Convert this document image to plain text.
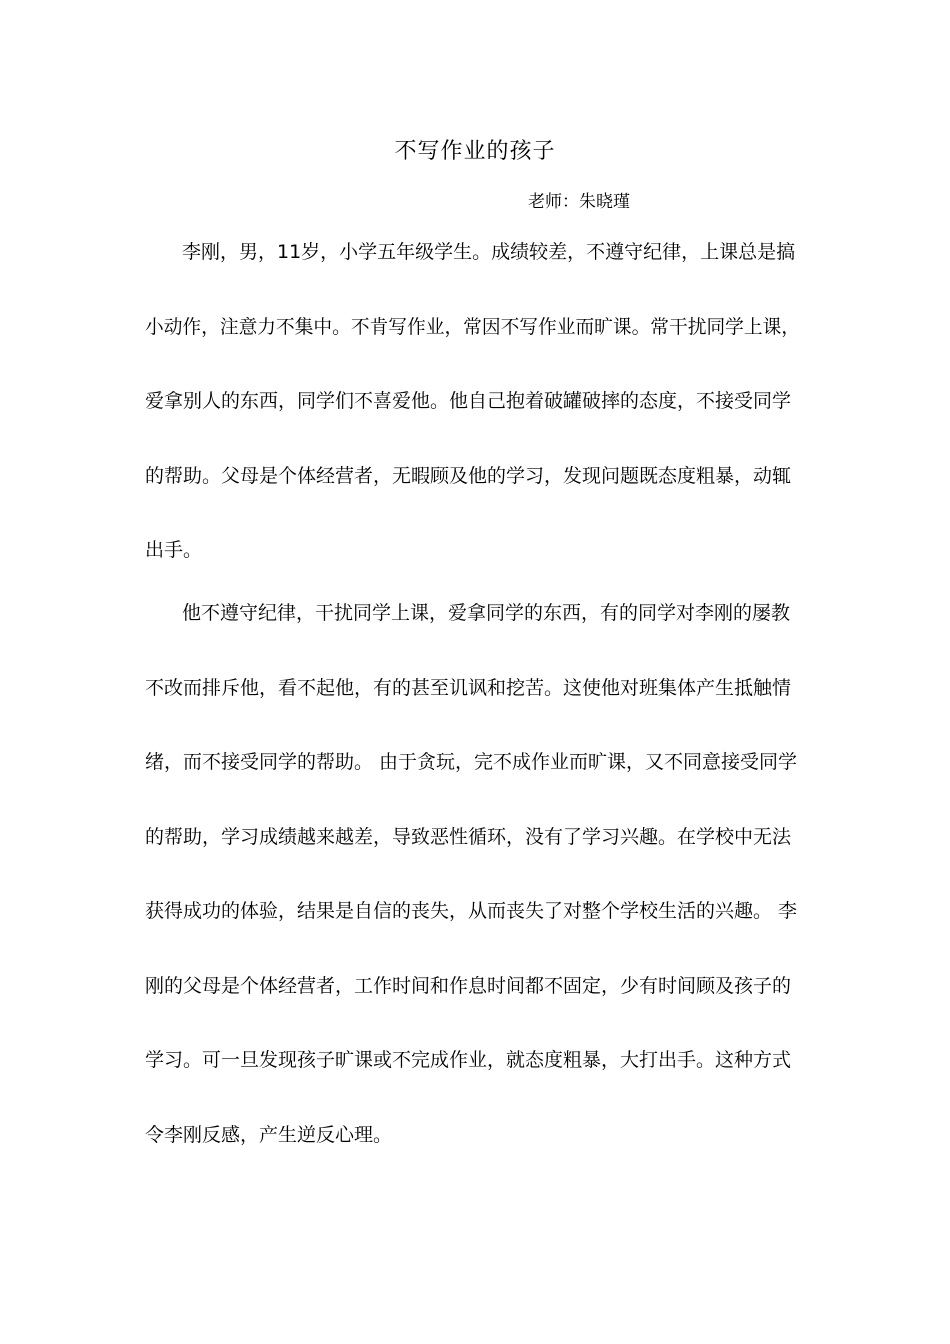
不写作业的孩子
老师：朱晓瑾
李刚，男，11岁，小学五年级学生。成绩较差，不遵守纪律，上课总是搞
小动作，注意力不集中。不肯写作业，常因不写作业而旷课。常干扰同学上课，
爱拿别人的东西，同学们不喜爱他。他自己抱着破罐破摔的态度，不接受同学
的帮助。父母是个体经营者，无暇顾及他的学习，发现问题既态度粗暴，动辄
出手。
他不遵守纪律，干扰同学上课，爱拿同学的东西，有的同学对李刚的屡教
不改而排斥他，看不起他，有的甚至讥讽和挖苦。这使他对班集体产生抵触情
绪，而不接受同学的帮助。 由于贪玩，完不成作业而旷课，又不同意接受同学
的帮助，学习成绩越来越差，导致恶性循环，没有了学习兴趣。在学校中无法
获得成功的体验，结果是自信的丧失，从而丧失了对整个学校生活的兴趣。 李
刚的父母是个体经营者，工作时间和作息时间都不固定，少有时间顾及孩子的
学习。可一旦发现孩子旷课或不完成作业，就态度粗暴，大打出手。这种方式
令李刚反感，产生逆反心理。
